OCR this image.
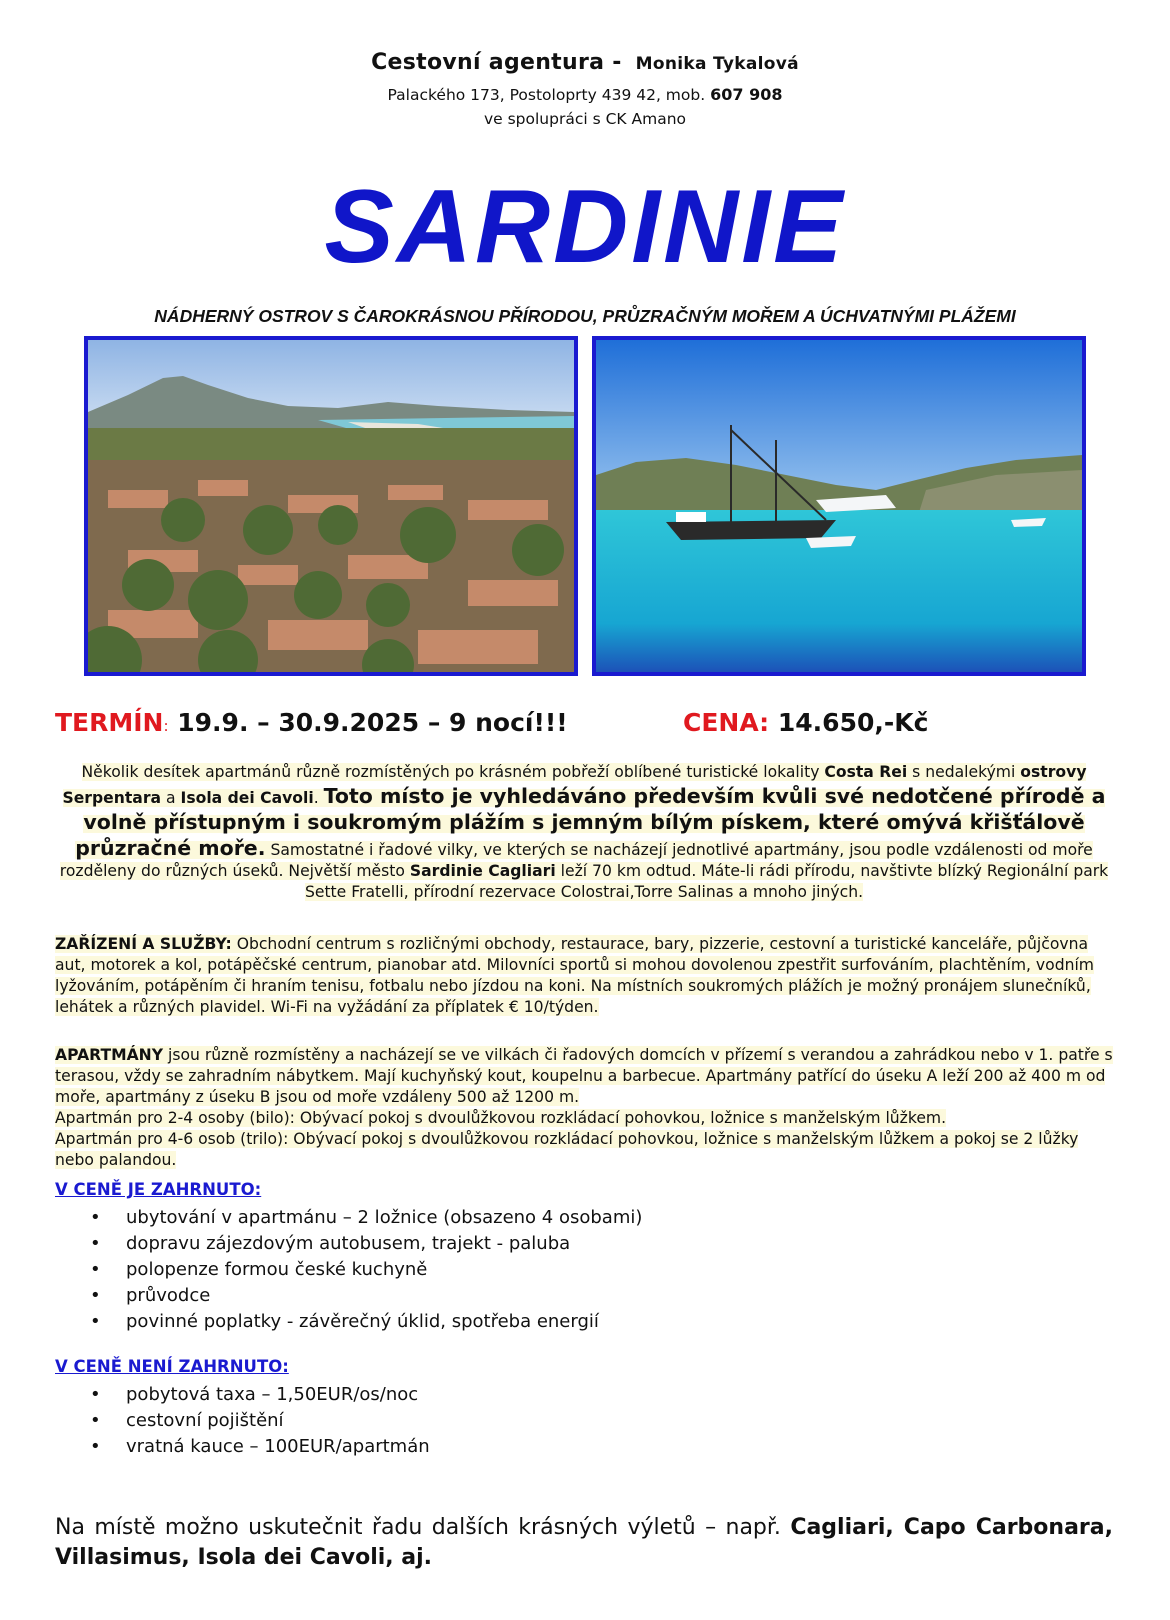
Cestovní agentura - Monika Tykalová
Palackého 173, Postoloprty 439 42, mob. 607 908
ve spolupráci s CK Amano
SARDINIE
NÁDHERNÝ OSTROV S ČAROKRÁSNOU PŘÍRODOU, PRŮZRAČNÝM MOŘEM A ÚCHVATNÝMI PLÁŽEMI
TERMÍN: 19.9. – 30.9.2025 – 9 nocí!!!	CENA: 14.650,-Kč
Několik desítek apartmánů různě rozmístěných po krásném pobřeží oblíbené turistické lokality Costa Rei s nedalekými ostrovy Serpentara a Isola dei Cavoli. Toto místo je vyhledáváno především kvůli své nedotčené přírodě a volně přístupným i soukromým plážím s jemným bílým pískem, které omývá křišťálově průzračné moře. Samostatné i řadové vilky, ve kterých se nacházejí jednotlivé apartmány, jsou podle vzdálenosti od moře rozděleny do různých úseků. Největší město Sardinie Cagliari leží 70 km odtud. Máte-li rádi přírodu, navštivte blízký Regionální park Sette Fratelli, přírodní rezervace Colostrai,Torre Salinas a mnoho jiných.
ZAŘÍZENÍ A SLUŽBY: Obchodní centrum s rozličnými obchody, restaurace, bary, pizzerie, cestovní a turistické kanceláře, půjčovna aut, motorek a kol, potápěčské centrum, pianobar atd. Milovníci sportů si mohou dovolenou zpestřit surfováním, plachtěním, vodním lyžováním, potápěním či hraním tenisu, fotbalu nebo jízdou na koni. Na místních soukromých plážích je možný pronájem slunečníků, lehátek a různých plavidel. Wi-Fi na vyžádání za příplatek € 10/týden.
APARTMÁNY jsou různě rozmístěny a nacházejí se ve vilkách či řadových domcích v přízemí s verandou a zahrádkou nebo v 1. patře s terasou, vždy se zahradním nábytkem. Mají kuchyňský kout, koupelnu a barbecue. Apartmány patřící do úseku A leží 200 až 400 m od moře, apartmány z úseku B jsou od moře vzdáleny 500 až 1200 m.
Apartmán pro 2-4 osoby (bilo): Obývací pokoj s dvoulůžkovou rozkládací pohovkou, ložnice s manželským lůžkem.
Apartmán pro 4-6 osob (trilo): Obývací pokoj s dvoulůžkovou rozkládací pohovkou, ložnice s manželským lůžkem a pokoj se 2 lůžky nebo palandou.
V CENĚ JE ZAHRNUTO:
• ubytování v apartmánu – 2 ložnice (obsazeno 4 osobami)
• dopravu zájezdovým autobusem, trajekt - paluba
• polopenze formou české kuchyně
• průvodce
• povinné poplatky - závěrečný úklid, spotřeba energií
V CENĚ NENÍ ZAHRNUTO:
• pobytová taxa – 1,50EUR/os/noc
• cestovní pojištění
• vratná kauce – 100EUR/apartmán
Na místě možno uskutečnit řadu dalších krásných výletů – např. Cagliari, Capo Carbonara, Villasimus, Isola dei Cavoli, aj.
